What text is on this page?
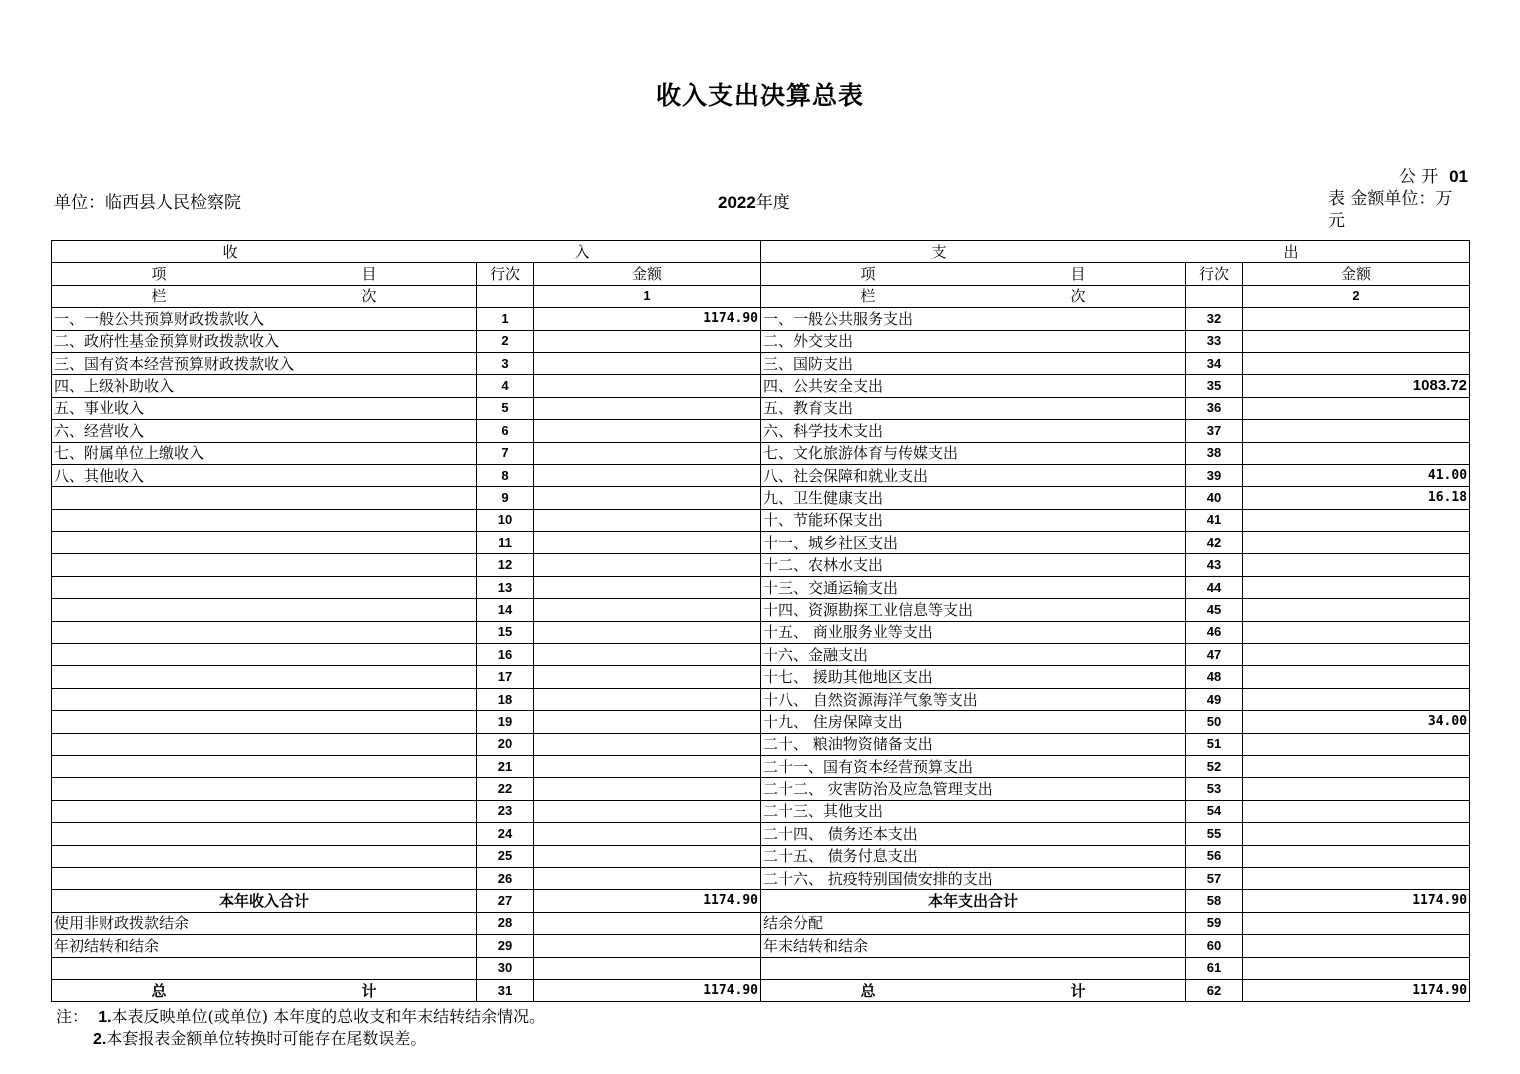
收入支出决算总表
单位：临西县人民检察院	2022年度
公 开 01
表 金额单位：万
元
收 入			支 出		

项 目	行次	金额	项 目	行次	金额

栏 次		1	栏 次		2
一、一般公共预算财政拨款收入	1	1174.90	一、一般公共服务支出	32	
二、政府性基金预算财政拨款收入	2		二、外交支出	33	
三、国有资本经营预算财政拨款收入	3		三、国防支出	34	
四、上级补助收入	4		四、公共安全支出	35	1083.72
五、事业收入	5		五、教育支出	36	
六、经营收入	6		六、科学技术支出	37	
七、附属单位上缴收入	7		七、文化旅游体育与传媒支出	38	
八、其他收入	8		八、社会保障和就业支出	39	41.00
	9		九、卫生健康支出	40	16.18
	10		十、节能环保支出	41	
	11		十一、城乡社区支出	42	
	12		十二、农林水支出	43	
	13		十三、交通运输支出	44	
	14		十四、资源勘探工业信息等支出	45	
	15		十五、 商业服务业等支出	46	
	16		十六、金融支出	47	
	17		十七、 援助其他地区支出	48	
	18		十八、 自然资源海洋气象等支出	49	
	19		十九、 住房保障支出	50	34.00
	20		二十、 粮油物资储备支出	51	
	21		二十一、国有资本经营预算支出	52	
	22		二十二、 灾害防治及应急管理支出	53	
	23		二十三、其他支出	54	
	24		二十四、 债务还本支出	55	
	25		二十五、 债务付息支出	56	
	26		二十六、 抗疫特别国债安排的支出	57	
本年收入合计	27	1174.90	本年支出合计	58	1174.90
使用非财政拨款结余	28		结余分配	59	
年初结转和结余	29		年末结转和结余	60	
	30			61	

总 计	31	1174.90	总 计	62	1174.90
注： 1.本表反映单位(或单位) 本年度的总收支和年末结转结余情况。
2.本套报表金额单位转换时可能存在尾数误差。
